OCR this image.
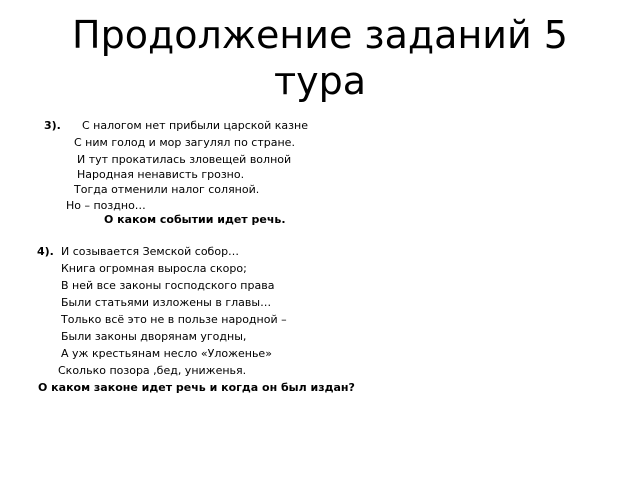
Продолжение заданий 5
тура
3). С налогом нет прибыли царской казне
С ним голод и мор загулял по стране.
И тут прокатилась зловещей волной
Народная ненависть грозно.
Тогда отменили налог соляной.
Но – поздно…
О каком событии идет речь.
4). И созывается Земской собор…
Книга огромная выросла скоро;
В ней все законы господского права
Были статьями изложены в главы…
Только всё это не в пользе народной –
Были законы дворянам угодны,
А уж крестьянам несло «Уложенье»
Сколько позора ,бед, униженья.
О каком законе идет речь и когда он был издан?
